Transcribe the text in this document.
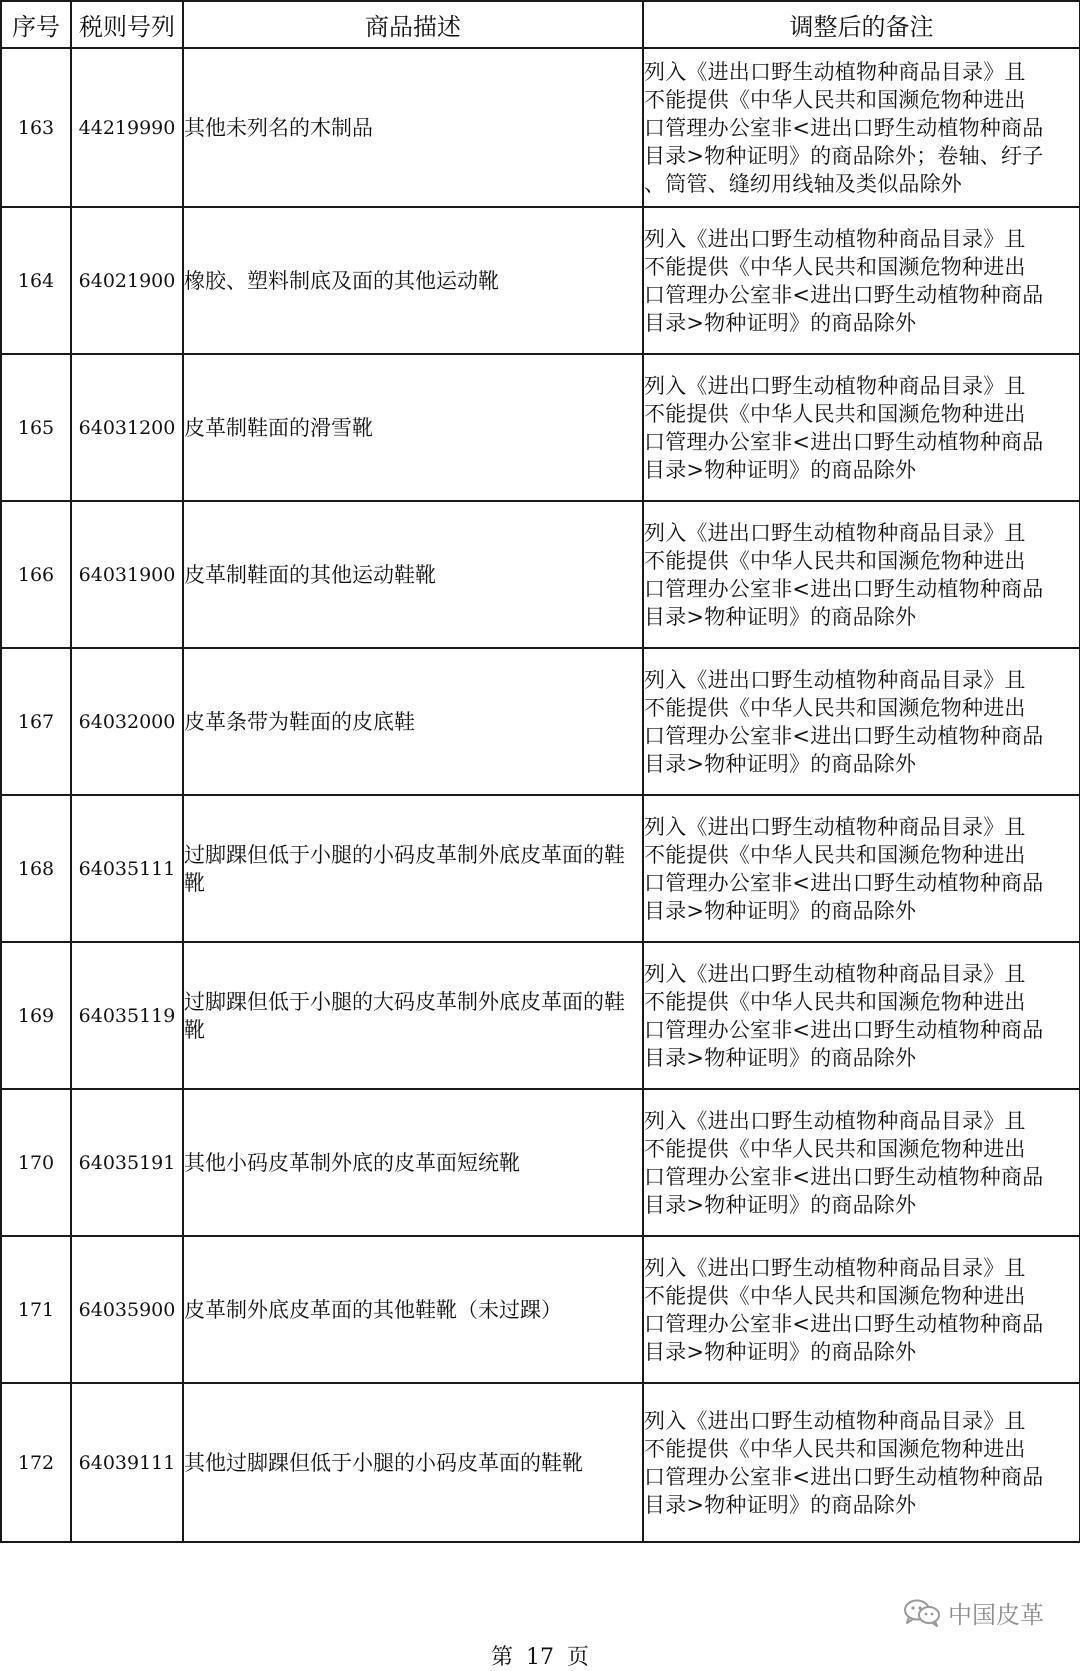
序号	税则号列	商品描述	调整后的备注
163	44219990	其他未列名的木制品	列入《进出口野生动植物种商品目录》且
不能提供《中华人民共和国濒危物种进出
口管理办公室非<进出口野生动植物种商品
目录>物种证明》的商品除外；卷轴、纡子
、筒管、缝纫用线轴及类似品除外

164	64021900	橡胶、塑料制底及面的其他运动靴	列入《进出口野生动植物种商品目录》且
不能提供《中华人民共和国濒危物种进出
口管理办公室非<进出口野生动植物种商品
目录>物种证明》的商品除外

165	64031200	皮革制鞋面的滑雪靴	列入《进出口野生动植物种商品目录》且
不能提供《中华人民共和国濒危物种进出
口管理办公室非<进出口野生动植物种商品
目录>物种证明》的商品除外

166	64031900	皮革制鞋面的其他运动鞋靴	列入《进出口野生动植物种商品目录》且
不能提供《中华人民共和国濒危物种进出
口管理办公室非<进出口野生动植物种商品
目录>物种证明》的商品除外

167	64032000	皮革条带为鞋面的皮底鞋	列入《进出口野生动植物种商品目录》且
不能提供《中华人民共和国濒危物种进出
口管理办公室非<进出口野生动植物种商品
目录>物种证明》的商品除外

168	64035111	过脚踝但低于小腿的小码皮革制外底皮革面的鞋靴	列入《进出口野生动植物种商品目录》且
不能提供《中华人民共和国濒危物种进出
口管理办公室非<进出口野生动植物种商品
目录>物种证明》的商品除外

169	64035119	过脚踝但低于小腿的大码皮革制外底皮革面的鞋靴	列入《进出口野生动植物种商品目录》且
不能提供《中华人民共和国濒危物种进出
口管理办公室非<进出口野生动植物种商品
目录>物种证明》的商品除外

170	64035191	其他小码皮革制外底的皮革面短统靴	列入《进出口野生动植物种商品目录》且
不能提供《中华人民共和国濒危物种进出
口管理办公室非<进出口野生动植物种商品
目录>物种证明》的商品除外

171	64035900	皮革制外底皮革面的其他鞋靴（未过踝）	列入《进出口野生动植物种商品目录》且
不能提供《中华人民共和国濒危物种进出
口管理办公室非<进出口野生动植物种商品
目录>物种证明》的商品除外

172	64039111	其他过脚踝但低于小腿的小码皮革面的鞋靴	列入《进出口野生动植物种商品目录》且
不能提供《中华人民共和国濒危物种进出
口管理办公室非<进出口野生动植物种商品
目录>物种证明》的商品除外
中国皮革
第 17 页
